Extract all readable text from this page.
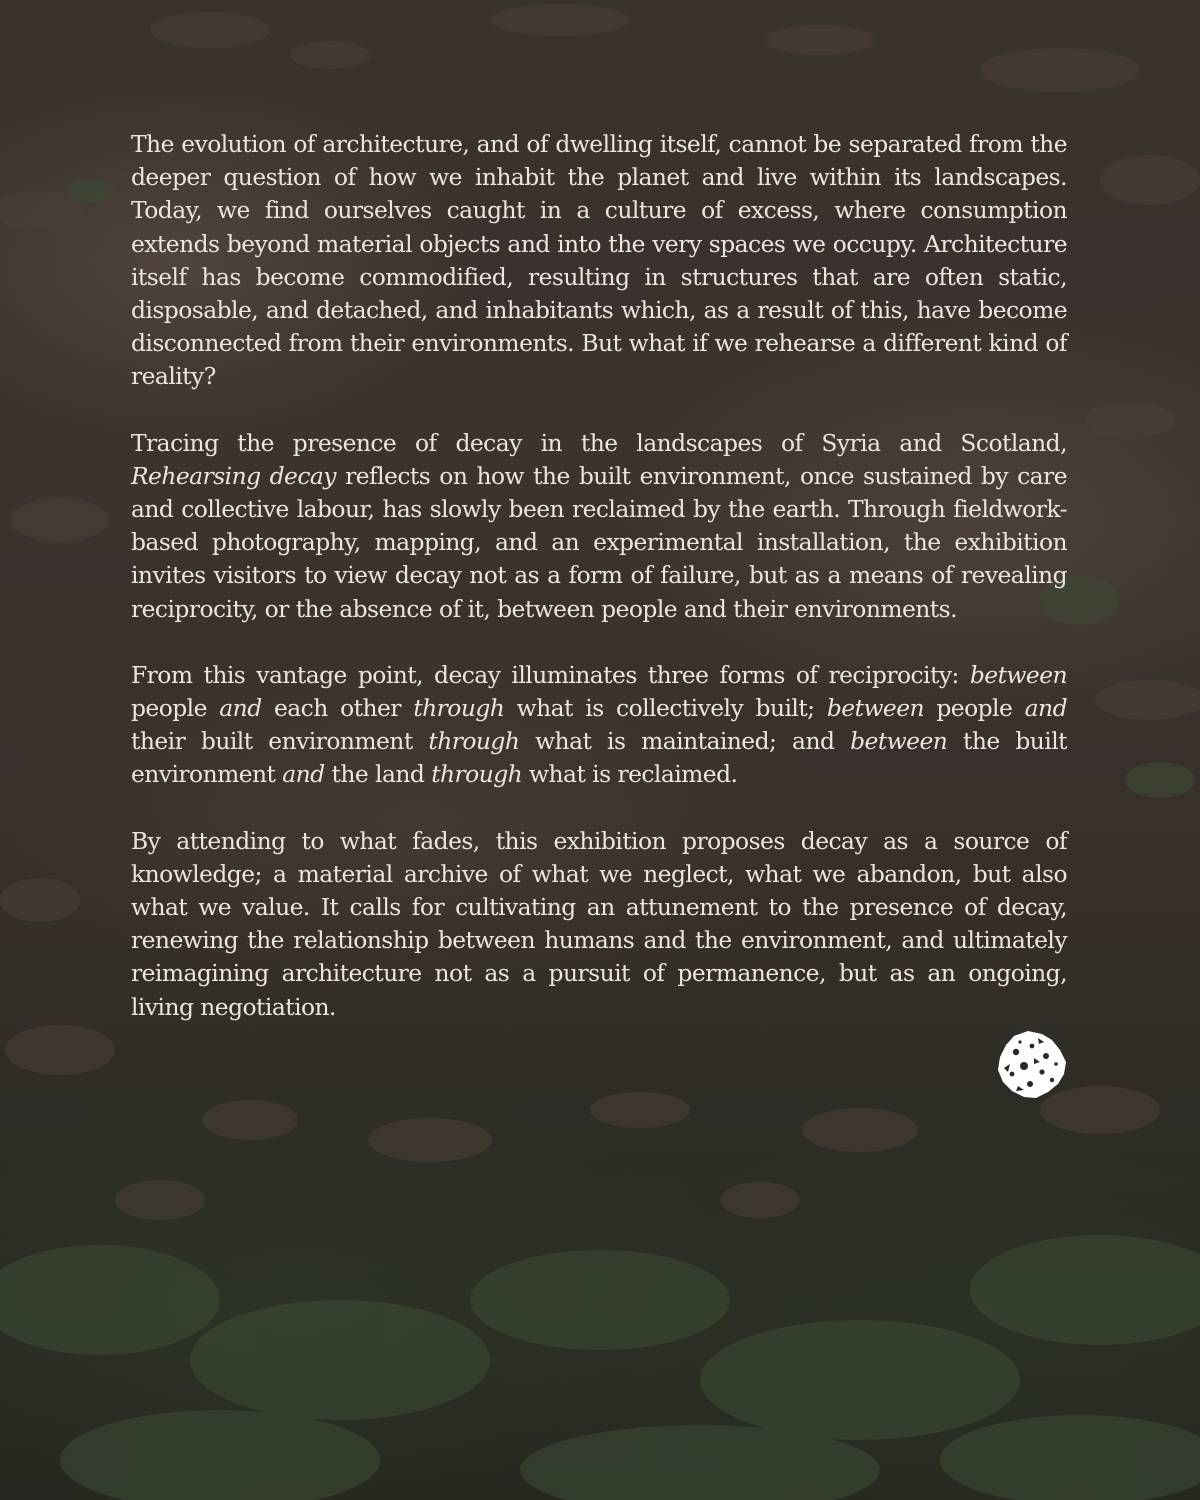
The evolution of architecture, and of dwelling itself, cannot be separated from the deeper question of how we inhabit the planet and live within its landscapes. Today, we find ourselves caught in a culture of excess, where consumption extends beyond material objects and into the very spaces we occupy. Architecture itself has become commodified, resulting in structures that are often static, disposable, and detached, and inhabitants which, as a result of this, have become disconnected from their environments. But what if we rehearse a different kind of reality?

Tracing the presence of decay in the landscapes of Syria and Scotland, Rehearsing decay reflects on how the built environment, once sustained by care and collective labour, has slowly been reclaimed by the earth. Through fieldwork-based photography, mapping, and an experimental installation, the exhibition invites visitors to view decay not as a form of failure, but as a means of revealing reciprocity, or the absence of it, between people and their environments.

From this vantage point, decay illuminates three forms of reciprocity: between people and each other through what is collectively built; between people and their built environment through what is maintained; and between the built environment and the land through what is reclaimed.

By attending to what fades, this exhibition proposes decay as a source of knowledge; a material archive of what we neglect, what we abandon, but also what we value. It calls for cultivating an attunement to the presence of decay, renewing the relationship between humans and the environment, and ultimately reimagining architecture not as a pursuit of permanence, but as an ongoing, living negotiation.
